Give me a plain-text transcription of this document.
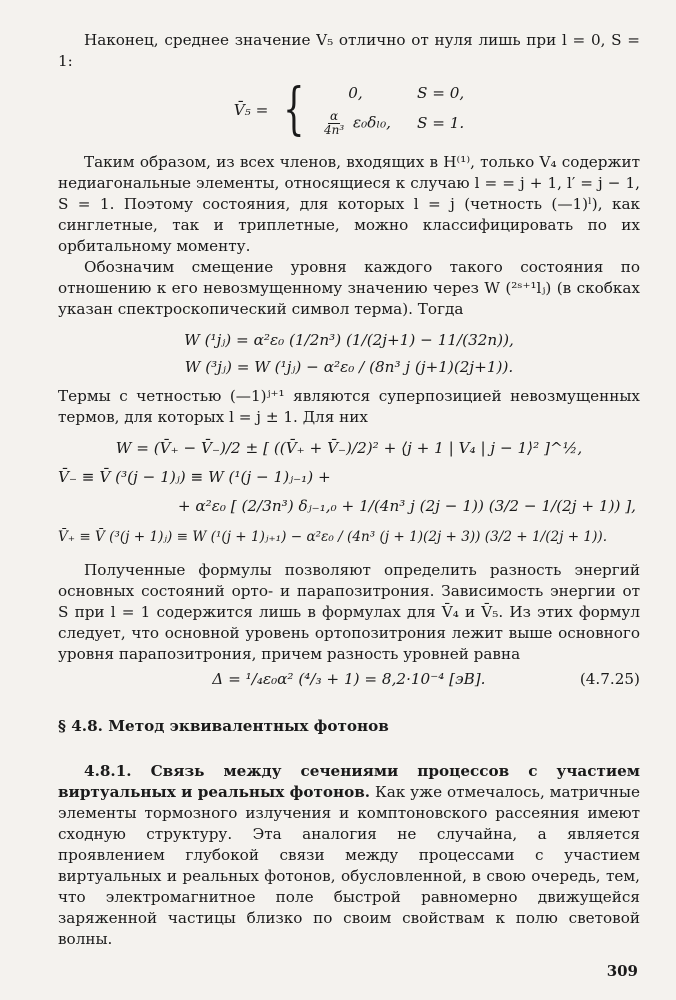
Наконец, среднее значение V₅ отлично от нуля лишь при l = 0, S = 1:

V̄₅ = {	0,	S = 0,
$\frac{\alpha}{\text{4n³}} \varepsilon_0\delta_{l0}$, S = 1.

Таким образом, из всех членов, входящих в H⁽¹⁾, только V₄ содержит недиагональные элементы, относящиеся к случаю l = = j + 1, l′ = j − 1, S = 1. Поэтому состояния, для которых l = j (четность (—1)ˡ), как синглетные, так и триплетные, можно классифицировать по их орбитальному моменту.

Обозначим смещение уровня каждого такого состояния по отношению к его невозмущенному значению через W (²ˢ⁺¹lⱼ) (в скобках указан спектроскопический символ терма). Тогда

W (¹jⱼ) = α²ε₀ (1/2n³) (1/(2j+1) − 11/(32n)),
W (³jⱼ) = W (¹jⱼ) − α²ε₀ / (8n³ j (j+1)(2j+1)).

Термы с четностью (—1)ʲ⁺¹ являются суперпозицией невозмущенных термов, для которых l = j ± 1. Для них

W = (V̄₊ − V̄₋)/2 ± [ ((V̄₊ + V̄₋)/2)² + ⟨j + 1 | V₄ | j − 1⟩² ]^½,
V̄₋ ≡ V̄ (³(j − 1)ⱼ) ≡ W (¹(j − 1)ⱼ₋₁) +
+ α²ε₀ [ (2/3n³) δⱼ₋₁,₀ + 1/(4n³ j (2j − 1)) (3/2 − 1/(2j + 1)) ],
V̄₊ ≡ V̄ (³(j + 1)ⱼ) ≡ W (¹(j + 1)ⱼ₊₁) − α²ε₀ / (4n³ (j + 1)(2j + 3)) (3/2 + 1/(2j + 1)).

Полученные формулы позволяют определить разность энергий основных состояний орто- и парапозитрония. Зависимость энергии от S при l = 1 содержится лишь в формулах для V̄₄ и V̄₅. Из этих формул следует, что основной уровень ортопозитрония лежит выше основного уровня парапозитрония, причем разность уровней равна

Δ = ¹/₄ε₀α² (⁴/₃ + 1) = 8,2·10⁻⁴ [эВ].	(4.7.25)
§ 4.8. Метод эквивалентных фотонов

4.8.1. Связь между сечениями процессов с участием виртуальных и реальных фотонов. Как уже отмечалось, матричные элементы тормозного излучения и комптоновского рассеяния имеют сходную структуру. Эта аналогия не случайна, а является проявлением глубокой связи между процессами с участием виртуальных и реальных фотонов, обусловленной, в свою очередь, тем, что электромагнитное поле быстрой равномерно движущейся заряженной частицы близко по своим свойствам к полю световой волны.

309
